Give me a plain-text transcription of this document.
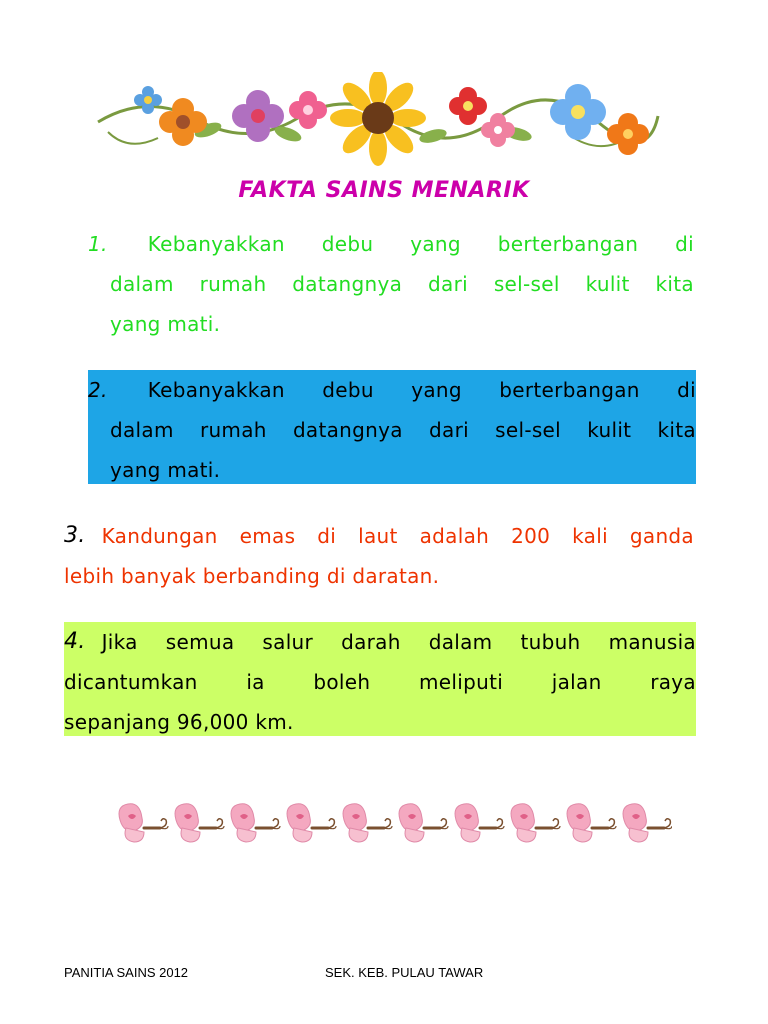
FAKTA SAINS MENARIK
1. Kebanyakkan debu yang berterbangan di
dalam rumah datangnya dari sel-sel kulit kita
yang mati.
2. Kebanyakkan debu yang berterbangan di
dalam rumah datangnya dari sel-sel kulit kita
yang mati.
3. Kandungan emas di laut adalah 200 kali ganda
lebih banyak berbanding di daratan.
4. Jika semua salur darah dalam tubuh manusia
dicantumkan ia boleh meliputi jalan raya
sepanjang 96,000 km.
PANITIA SAINS 2012	SEK. KEB. PULAU TAWAR
